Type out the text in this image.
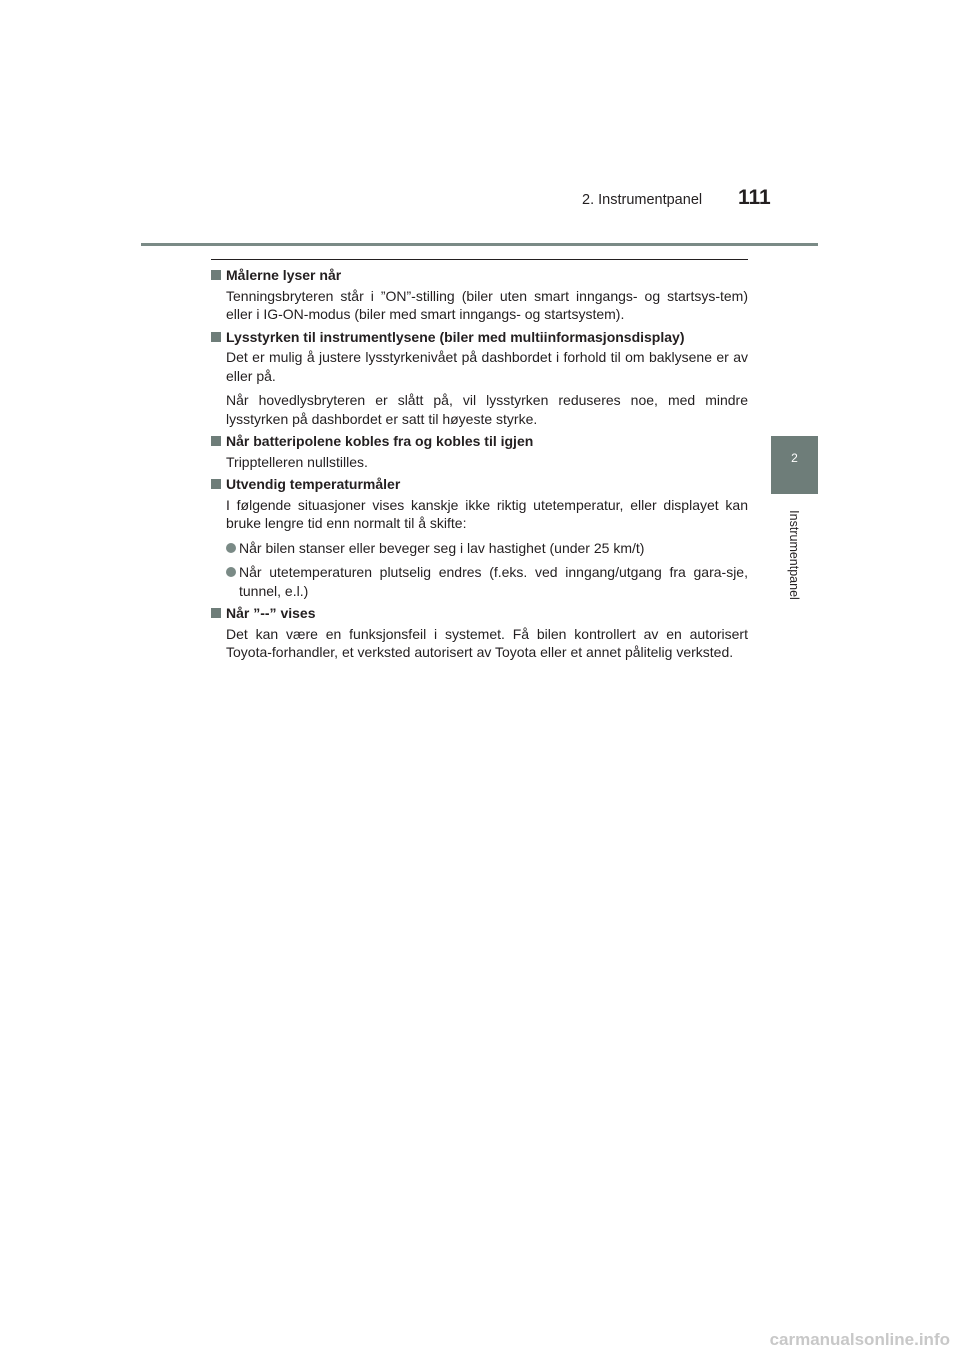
2. Instrumentpanel 111
2
Instrumentpanel
Målerne lyser når
Tenningsbryteren står i ”ON”-stilling (biler uten smart inngangs- og startsys-tem) eller i IG-ON-modus (biler med smart inngangs- og startsystem).
Lysstyrken til instrumentlysene (biler med multiinformasjonsdisplay)
Det er mulig å justere lysstyrkenivået på dashbordet i forhold til om baklysene er av eller på.
Når hovedlysbryteren er slått på, vil lysstyrken reduseres noe, med mindre lysstyrken på dashbordet er satt til høyeste styrke.
Når batteripolene kobles fra og kobles til igjen
Tripptelleren nullstilles.
Utvendig temperaturmåler
I følgende situasjoner vises kanskje ikke riktig utetemperatur, eller displayet kan bruke lengre tid enn normalt til å skifte:
Når bilen stanser eller beveger seg i lav hastighet (under 25 km/t)
Når utetemperaturen plutselig endres (f.eks. ved inngang/utgang fra gara-sje, tunnel, e.l.)
Når ”--” vises
Det kan være en funksjonsfeil i systemet. Få bilen kontrollert av en autorisert Toyota-forhandler, et verksted autorisert av Toyota eller et annet pålitelig verksted.
carmanualsonline.info
